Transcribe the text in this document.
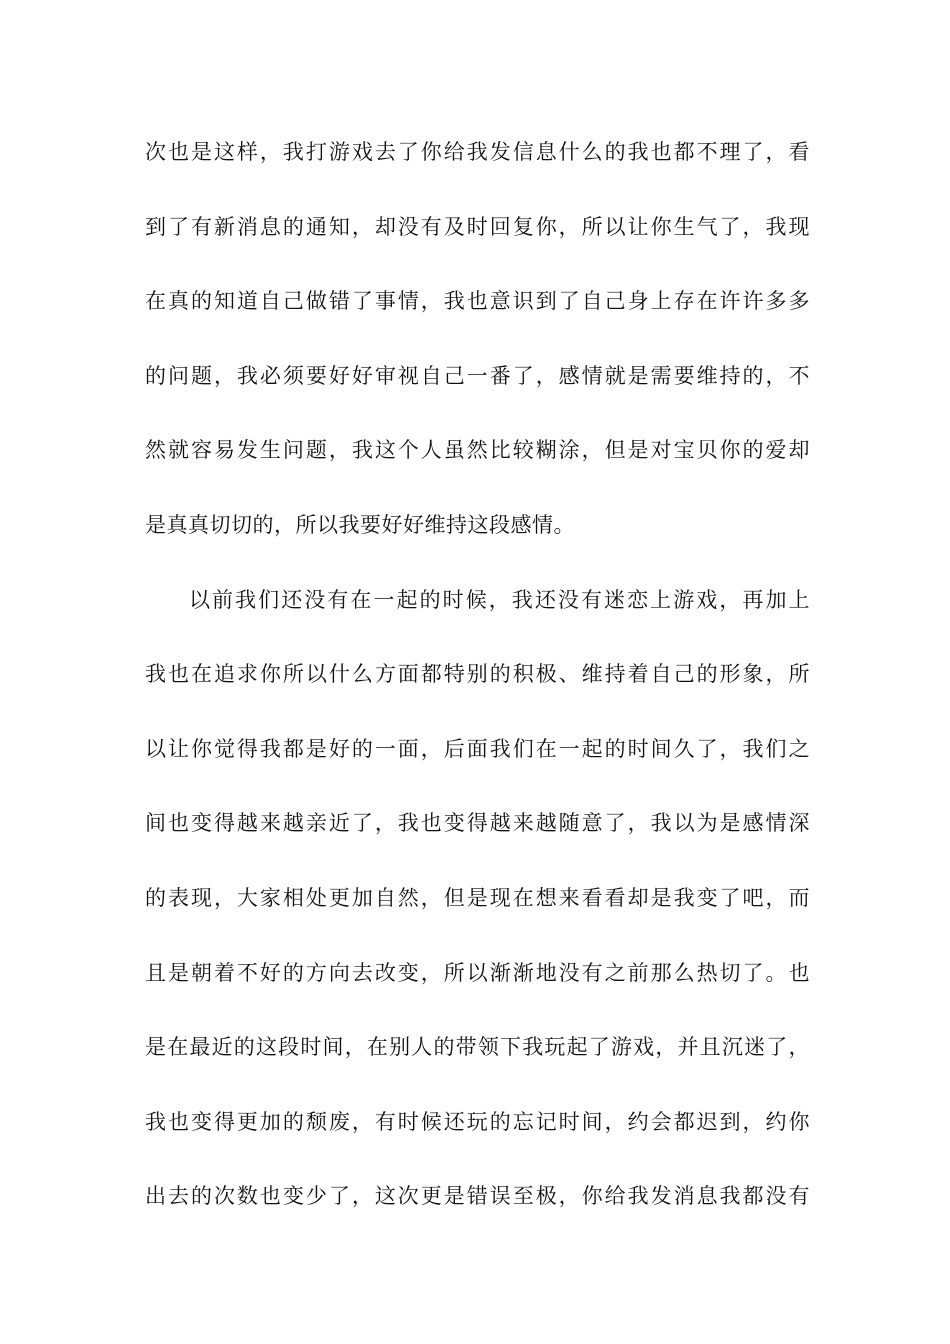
次也是这样，我打游戏去了你给我发信息什么的我也都不理了，看
到了有新消息的通知，却没有及时回复你，所以让你生气了，我现
在真的知道自己做错了事情，我也意识到了自己身上存在许许多多
的问题，我必须要好好审视自己一番了，感情就是需要维持的，不
然就容易发生问题，我这个人虽然比较糊涂，但是对宝贝你的爱却
是真真切切的，所以我要好好维持这段感情。
以前我们还没有在一起的时候，我还没有迷恋上游戏，再加上
我也在追求你所以什么方面都特别的积极、维持着自己的形象，所
以让你觉得我都是好的一面，后面我们在一起的时间久了，我们之
间也变得越来越亲近了，我也变得越来越随意了，我以为是感情深
的表现，大家相处更加自然，但是现在想来看看却是我变了吧，而
且是朝着不好的方向去改变，所以渐渐地没有之前那么热切了。也
是在最近的这段时间，在别人的带领下我玩起了游戏，并且沉迷了，
我也变得更加的颓废，有时候还玩的忘记时间，约会都迟到，约你
出去的次数也变少了，这次更是错误至极，你给我发消息我都没有
